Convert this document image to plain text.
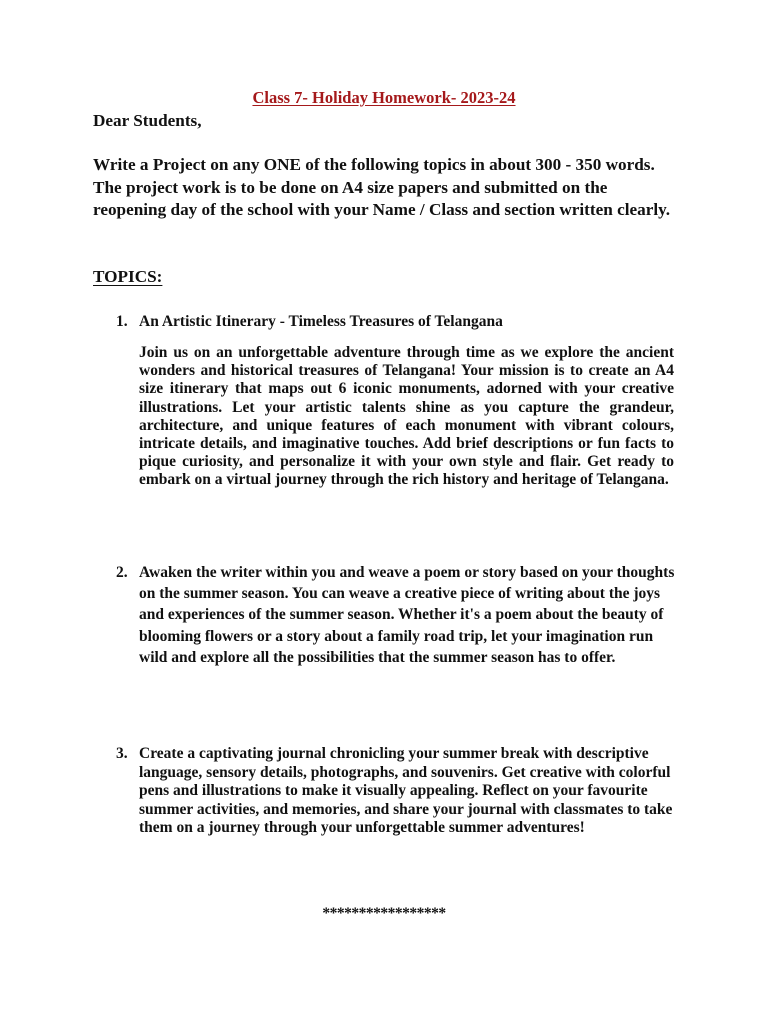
Class 7- Holiday Homework- 2023-24
Dear Students,
Write a Project on any ONE of the following topics in about 300 - 350 words. The project work is to be done on A4 size papers and submitted on the reopening day of the school with your Name / Class and section written clearly.
TOPICS:
1. An Artistic Itinerary - Timeless Treasures of Telangana
Join us on an unforgettable adventure through time as we explore the ancient wonders and historical treasures of Telangana! Your mission is to create an A4 size itinerary that maps out 6 iconic monuments, adorned with your creative illustrations. Let your artistic talents shine as you capture the grandeur, architecture, and unique features of each monument with vibrant colours, intricate details, and imaginative touches. Add brief descriptions or fun facts to pique curiosity, and personalize it with your own style and flair. Get ready to embark on a virtual journey through the rich history and heritage of Telangana.
2. Awaken the writer within you and weave a poem or story based on your thoughts on the summer season. You can weave a creative piece of writing about the joys and experiences of the summer season. Whether it's a poem about the beauty of blooming flowers or a story about a family road trip, let your imagination run wild and explore all the possibilities that the summer season has to offer.
3. Create a captivating journal chronicling your summer break with descriptive language, sensory details, photographs, and souvenirs. Get creative with colorful pens and illustrations to make it visually appealing. Reflect on your favourite summer activities, and memories, and share your journal with classmates to take them on a journey through your unforgettable summer adventures!
*****************
